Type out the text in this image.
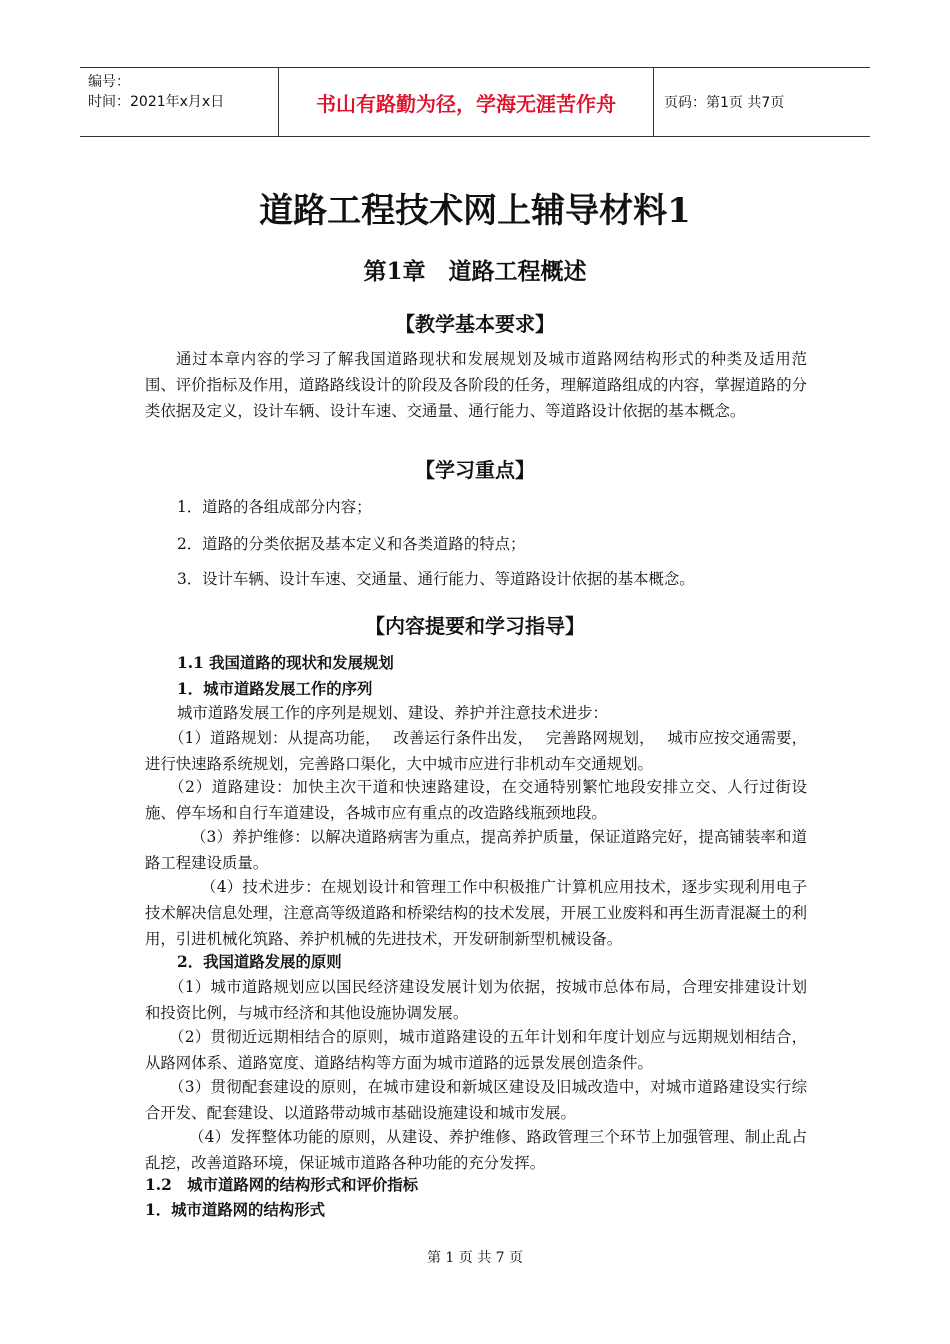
编号：
时间：2021年x月x日	书山有路勤为径，学海无涯苦作舟	页码：第1页 共7页
道路工程技术网上辅导材料1
第1章　道路工程概述
【教学基本要求】
通过本章内容的学习了解我国道路现状和发展规划及城市道路网结构形式的种类及适用范围、评价指标及作用，道路路线设计的阶段及各阶段的任务，理解道路组成的内容，掌握道路的分类依据及定义，设计车辆、设计车速、交通量、通行能力、等道路设计依据的基本概念。
【学习重点】
1．道路的各组成部分内容；
2．道路的分类依据及基本定义和各类道路的特点；
3．设计车辆、设计车速、交通量、通行能力、等道路设计依据的基本概念。
【内容提要和学习指导】
1.1 我国道路的现状和发展规划
1．城市道路发展工作的序列
城市道路发展工作的序列是规划、建设、养护并注意技术进步：
（1）道路规划：从提高功能，　 改善运行条件出发，　 完善路网规划，　 城市应按交通需要，进行快速路系统规划，完善路口渠化，大中城市应进行非机动车交通规划。
（2）道路建设：加快主次干道和快速路建设，在交通特别繁忙地段安排立交、人行过街设施、停车场和自行车道建设，各城市应有重点的改造路线瓶颈地段。
（3）养护维修：以解决道路病害为重点，提高养护质量，保证道路完好，提高铺装率和道路工程建设质量。
（4）技术进步：在规划设计和管理工作中积极推广计算机应用技术，逐步实现利用电子技术解决信息处理，注意高等级道路和桥梁结构的技术发展，开展工业废料和再生沥青混凝土的利用，引进机械化筑路、养护机械的先进技术，开发研制新型机械设备。
2．我国道路发展的原则
（1）城市道路规划应以国民经济建设发展计划为依据，按城市总体布局，合理安排建设计划和投资比例，与城市经济和其他设施协调发展。
（2）贯彻近远期相结合的原则，城市道路建设的五年计划和年度计划应与远期规划相结合，从路网体系、道路宽度、道路结构等方面为城市道路的远景发展创造条件。
（3）贯彻配套建设的原则，在城市建设和新城区建设及旧城改造中，对城市道路建设实行综合开发、配套建设、以道路带动城市基础设施建设和城市发展。
（4）发挥整体功能的原则，从建设、养护维修、路政管理三个环节上加强管理、制止乱占乱挖，改善道路环境，保证城市道路各种功能的充分发挥。
1.2　城市道路网的结构形式和评价指标
1．城市道路网的结构形式
第 1 页 共 7 页
